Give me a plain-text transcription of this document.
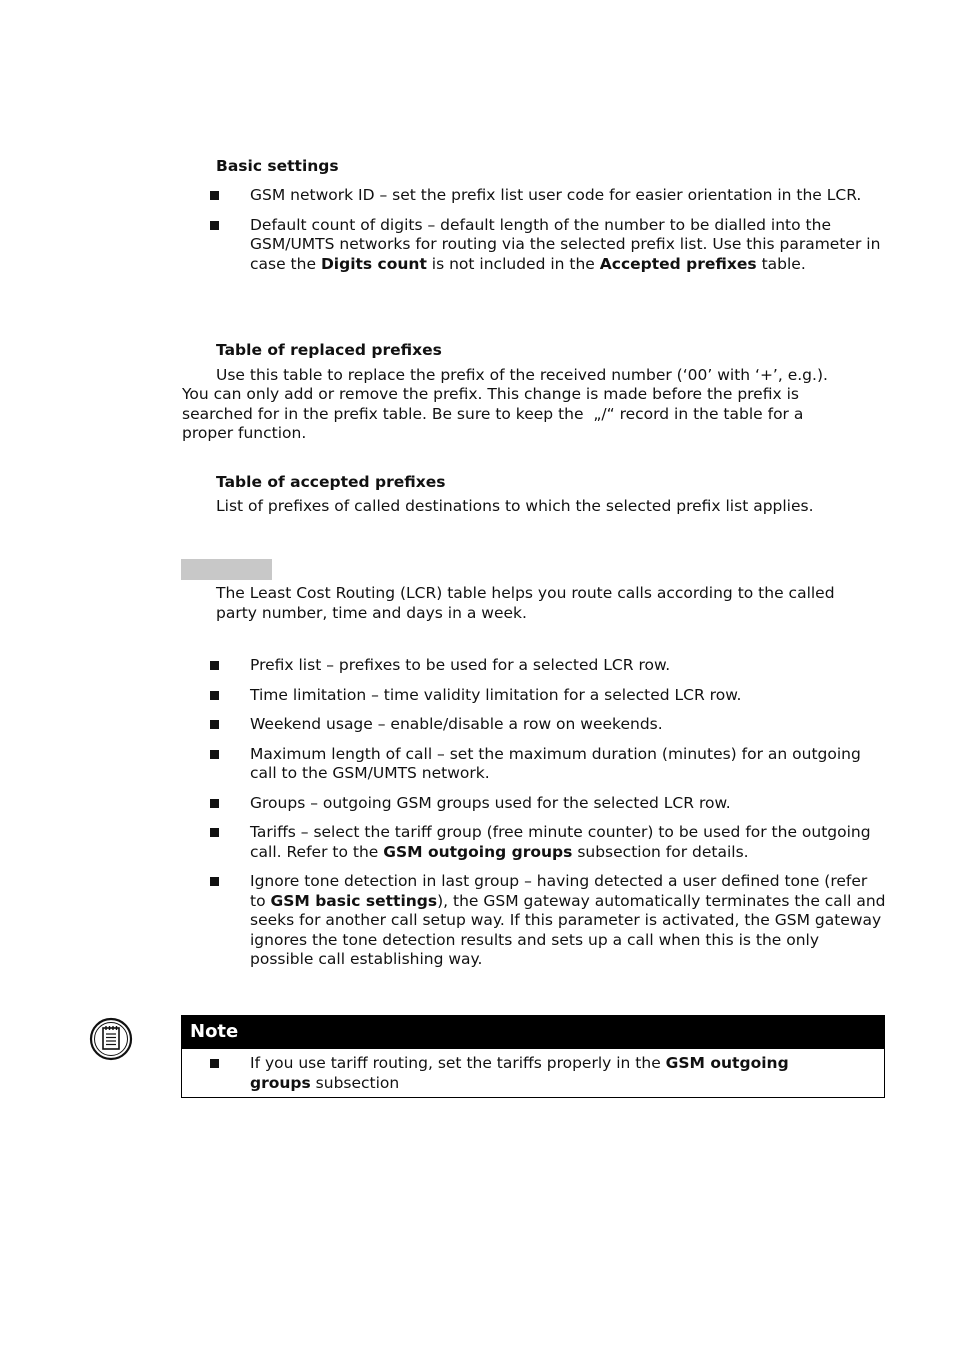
Basic settings
GSM network ID – set the prefix list user code for easier orientation in the LCR.
Default count of digits – default length of the number to be dialled into the GSM/UMTS networks for routing via the selected prefix list. Use this parameter in case the Digits count is not included in the Accepted prefixes table.
Table of replaced prefixes
Use this table to replace the prefix of the received number (‘00’ with ‘+’, e.g.).
You can only add or remove the prefix. This change is made before the prefix is
searched for in the prefix table. Be sure to keep the  „/“ record in the table for a
proper function.
Table of accepted prefixes
List of prefixes of called destinations to which the selected prefix list applies.
The Least Cost Routing (LCR) table helps you route calls according to the called party number, time and days in a week.
Prefix list – prefixes to be used for a selected LCR row.
Time limitation – time validity limitation for a selected LCR row.
Weekend usage – enable/disable a row on weekends.
Maximum length of call – set the maximum duration (minutes) for an outgoing call to the GSM/UMTS network.
Groups – outgoing GSM groups used for the selected LCR row.
Tariffs – select the tariff group (free minute counter) to be used for the outgoing call. Refer to the GSM outgoing groups subsection for details.
Ignore tone detection in last group – having detected a user defined tone (refer to GSM basic settings), the GSM gateway automatically terminates the call and seeks for another call setup way. If this parameter is activated, the GSM gateway ignores the tone detection results and sets up a call when this is the only possible call establishing way.
Note
If you use tariff routing, set the tariffs properly in the GSM outgoing groups subsection
